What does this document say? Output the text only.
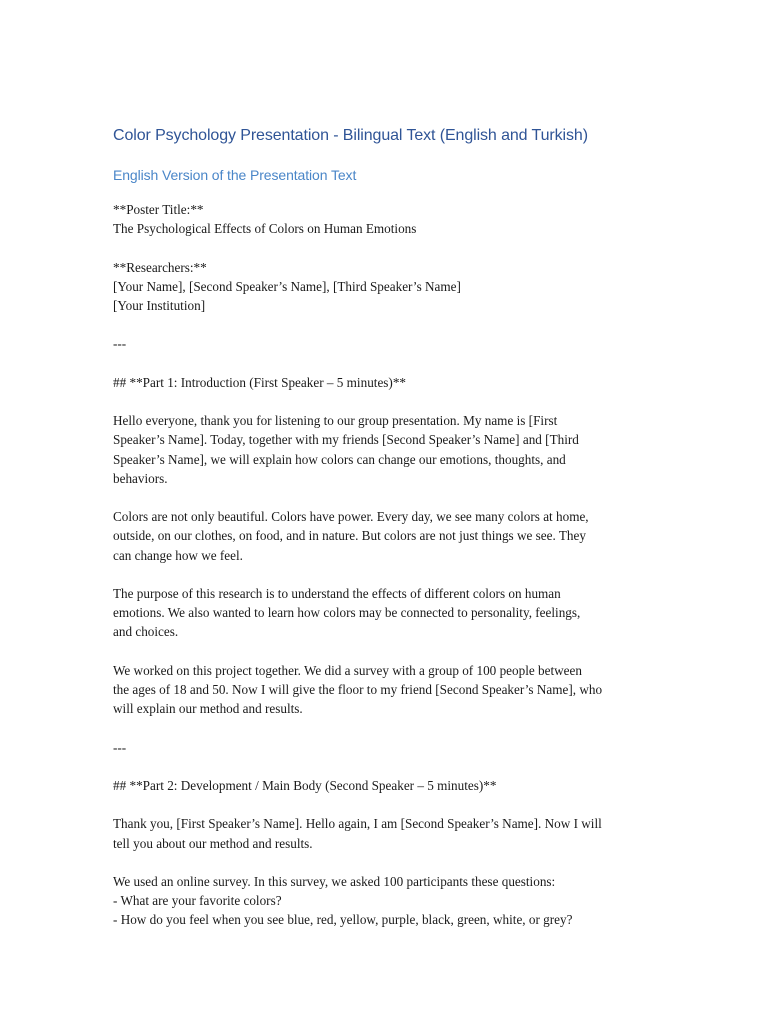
Color Psychology Presentation - Bilingual Text (English and Turkish)
English Version of the Presentation Text
**Poster Title:**
The Psychological Effects of Colors on Human Emotions
**Researchers:**
[Your Name], [Second Speaker’s Name], [Third Speaker’s Name]
[Your Institution]
---
## **Part 1: Introduction (First Speaker – 5 minutes)**
Hello everyone, thank you for listening to our group presentation. My name is [First
Speaker’s Name]. Today, together with my friends [Second Speaker’s Name] and [Third
Speaker’s Name], we will explain how colors can change our emotions, thoughts, and
behaviors.
Colors are not only beautiful. Colors have power. Every day, we see many colors at home,
outside, on our clothes, on food, and in nature. But colors are not just things we see. They
can change how we feel.
The purpose of this research is to understand the effects of different colors on human
emotions. We also wanted to learn how colors may be connected to personality, feelings,
and choices.
We worked on this project together. We did a survey with a group of 100 people between
the ages of 18 and 50. Now I will give the floor to my friend [Second Speaker’s Name], who
will explain our method and results.
---
## **Part 2: Development / Main Body (Second Speaker – 5 minutes)**
Thank you, [First Speaker’s Name]. Hello again, I am [Second Speaker’s Name]. Now I will
tell you about our method and results.
We used an online survey. In this survey, we asked 100 participants these questions:
- What are your favorite colors?
- How do you feel when you see blue, red, yellow, purple, black, green, white, or grey?
